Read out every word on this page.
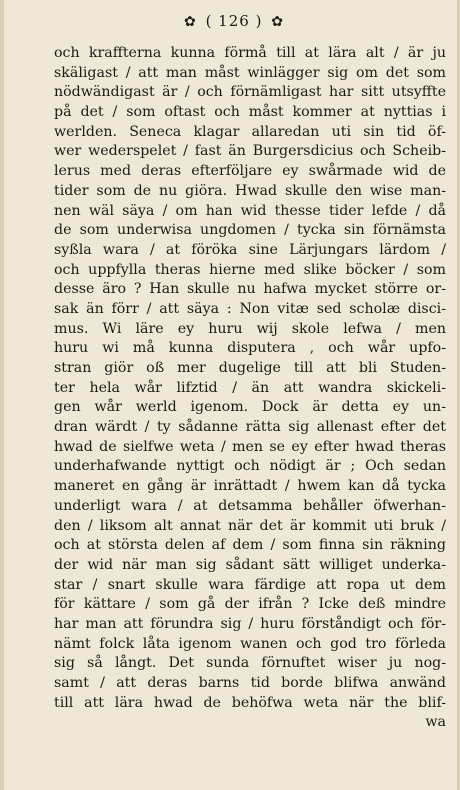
✿ ( 126 ) ✿
och kraffterna kunna förmå till at lära alt / är ju
skäligast / att man måst winlägger sig om det som
nödwändigast är / och förnämligast har sitt utsyffte
på det / som oftast och måst kommer at nyttias i
werlden. Seneca klagar allaredan uti sin tid öf-
wer wederspelet / fast än Burgersdicius och Scheib-
lerus med deras efterföljare ey swårmade wid de
tider som de nu giöra. Hwad skulle den wise man-
nen wäl säya / om han wid thesse tider lefde / då
de som underwisa ungdomen / tycka sin förnämsta
syßla wara / at föröka sine Lärjungars lärdom /
och uppfylla theras hierne med slike böcker / som
desse äro ? Han skulle nu hafwa mycket större or-
sak än förr / att säya : Non vitæ sed scholæ disci-
mus. Wi läre ey huru wij skole lefwa / men
huru wi må kunna disputera , och wår upfo-
stran giör oß mer dugelige till att bli Studen-
ter hela wår lifztid / än att wandra skickeli-
gen wår werld igenom. Dock är detta ey un-
dran wärdt / ty sådanne rätta sig allenast efter det
hwad de sielfwe weta / men se ey efter hwad theras
underhafwande nyttigt och nödigt är ; Och sedan
maneret en gång är inrättadt / hwem kan då tycka
underligt wara / at detsamma behåller öfwerhan-
den / liksom alt annat när det är kommit uti bruk /
och at största delen af dem / som finna sin räkning
der wid när man sig sådant sätt williget underka-
star / snart skulle wara färdige att ropa ut dem
för kättare / som gå der ifrån ? Icke deß mindre
har man att förundra sig / huru förståndigt och för-
nämt folck låta igenom wanen och god tro förleda
sig så långt. Det sunda förnuftet wiser ju nog-
samt / att deras barns tid borde blifwa anwänd
till att lära hwad de behöfwa weta när the blif-
wa
